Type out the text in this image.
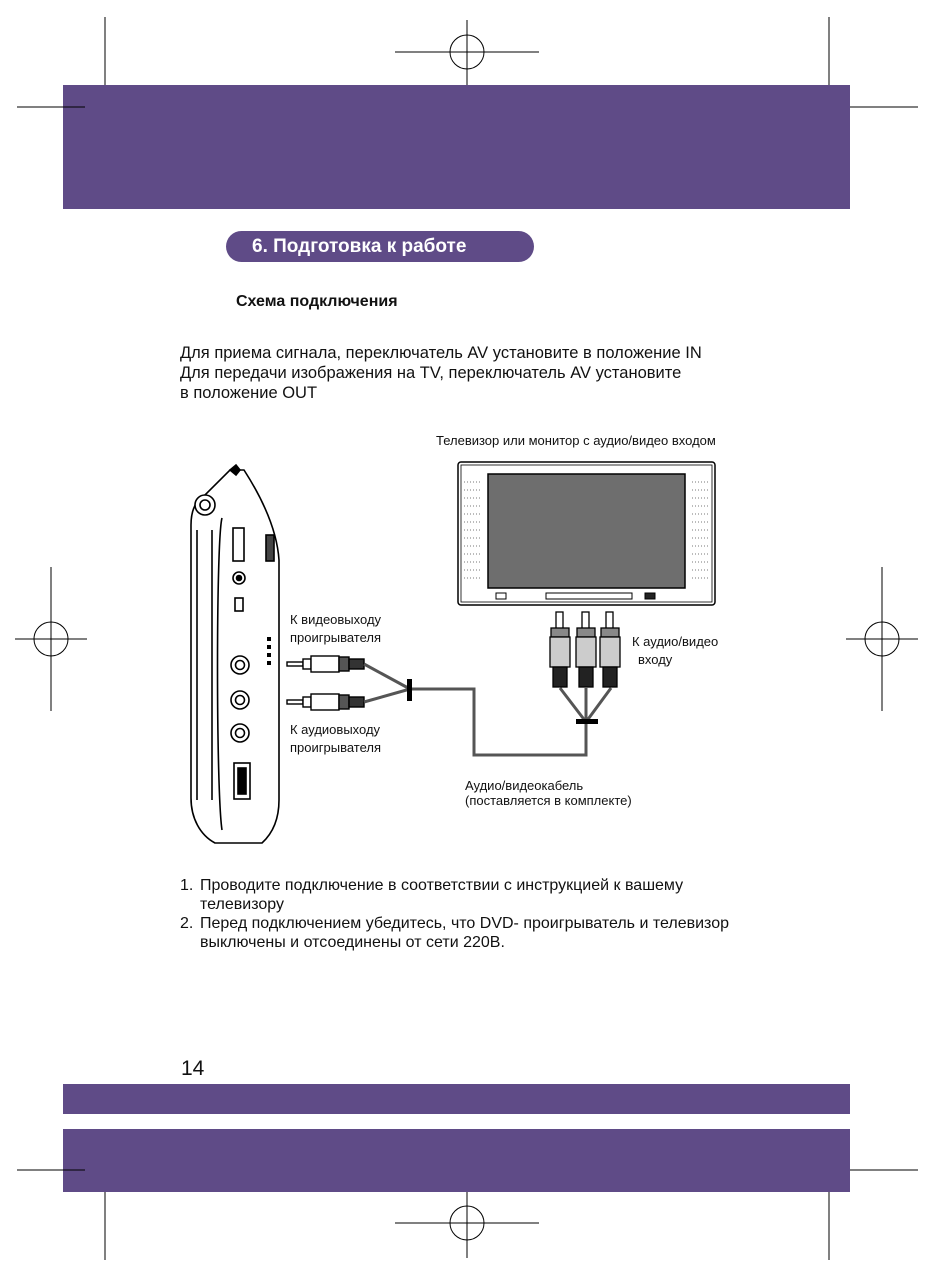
6. Подготовка к работе
Схема подключения
Для приема сигнала, переключатель AV установите в положение IN
Для передачи изображения на TV, переключатель AV установите
в положение OUT
Телевизор или монитор с аудио/видео входом
К видеовыходу
проигрывателя
К аудиовыходу
проигрывателя
К аудио/видео
входу
Аудио/видеокабель
(поставляется в комплекте)
1. Проводите подключение в соответствии с инструкцией к вашему
телевизору
2. Перед подключением убедитесь, что DVD- проигрыватель и телевизор
выключены и отсоединены от сети 220В.
14
